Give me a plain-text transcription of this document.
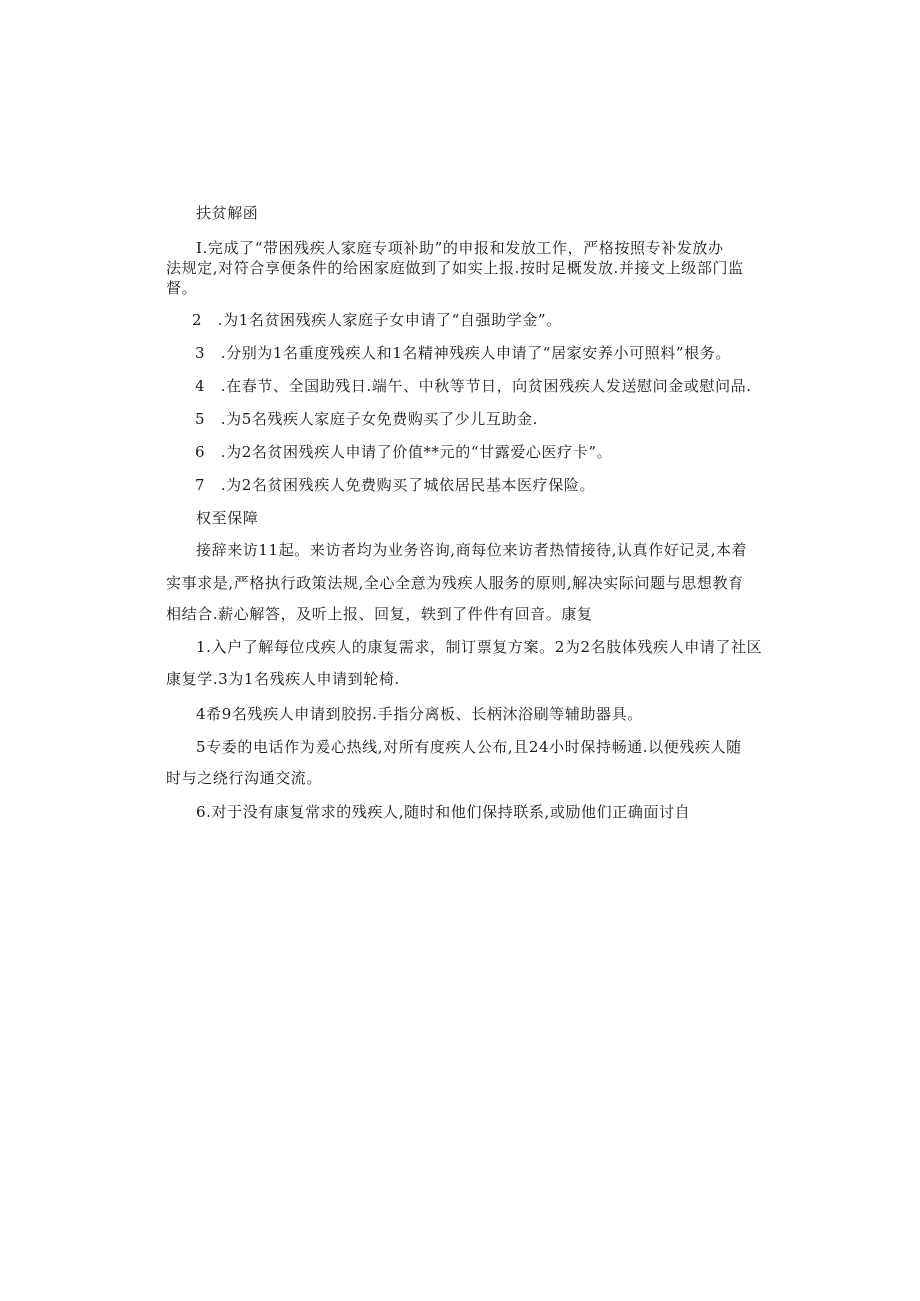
扶贫解函
I.完成了“带困残疾人家庭专项补助”的申报和发放工作，严格按照专补发放办
法规定,对符合享便条件的给困家庭做到了如实上报.按时足概发放.并接文上级部门监
督。
2　.为1名贫困残疾人家庭子女申请了“自强助学金”。
3　.分别为1名重度残疾人和1名精神残疾人申请了“居家安养小可照料”根务。
4　.在春节、全国助残日.端午、中秋等节日，向贫困残疾人发送慰问金或慰问品.
5　.为5名残疾人家庭子女免费购买了少儿互助金.
6　.为2名贫困残疾人申请了价值**元的“甘露爱心医疗卡”。
7　.为2名贫困残疾人免费购买了城依居民基本医疗保险。
权至保障
接辞来访11起。来访者均为业务咨询,商每位来访者热情接待,认真作好记灵,本着
实事求是,严格执行政策法规,全心全意为残疾人服务的原则,解决实际问题与思想教育
相结合.薪心解答，及听上报、回复，轶到了件件有回音。康复
1.入户了解每位戌疾人的康复需求，制订票复方案。2为2名肢体残疾人申请了社区
康复学.3为1名残疾人申请到轮椅.
4希9名残疾人申请到胶拐.手指分离板、长柄沐浴刷等辅助器具。
5专委的电话作为爰心热线,对所有度疾人公布,且24小时保持畅通.以便残疾人随
时与之绕行沟通交流。
6.对于没有康复常求的残疾人,随时和他们保持联系,或励他们正确面讨自
